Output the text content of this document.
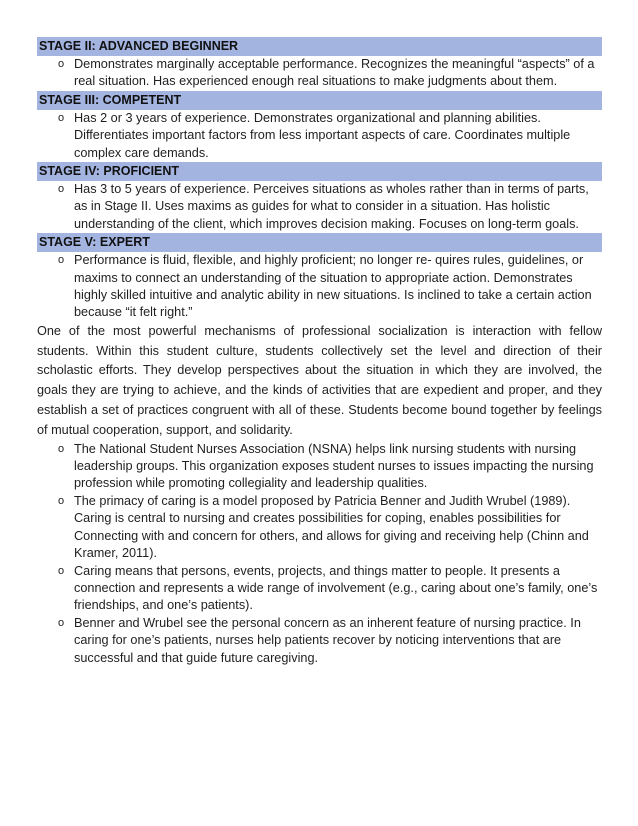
STAGE II: ADVANCED BEGINNER
o Demonstrates marginally acceptable performance. Recognizes the meaningful “aspects” of a real situation. Has experienced enough real situations to make judgments about them.
STAGE III: COMPETENT
o Has 2 or 3 years of experience. Demonstrates organizational and planning abilities. Differentiates important factors from less important aspects of care. Coordinates multiple complex care demands.
STAGE IV: PROFICIENT
o Has 3 to 5 years of experience. Perceives situations as wholes rather than in terms of parts, as in Stage II. Uses maxims as guides for what to consider in a situation. Has holistic understanding of the client, which improves decision making. Focuses on long-term goals.
STAGE V: EXPERT
o Performance is fluid, flexible, and highly proficient; no longer re- quires rules, guidelines, or maxims to connect an understanding of the situation to appropriate action. Demonstrates highly skilled intuitive and analytic ability in new situations. Is inclined to take a certain action because “it felt right.”

One of the most powerful mechanisms of professional socialization is interaction with fellow students. Within this student culture, students collectively set the level and direction of their scholastic efforts. They develop perspectives about the situation in which they are involved, the goals they are trying to achieve, and the kinds of activities that are expedient and proper, and they establish a set of practices congruent with all of these. Students become bound together by feelings of mutual cooperation, support, and solidarity.

o The National Student Nurses Association (NSNA) helps link nursing students with nursing leadership groups. This organization exposes student nurses to issues impacting the nursing profession while promoting collegiality and leadership qualities.
o The primacy of caring is a model proposed by Patricia Benner and Judith Wrubel (1989). Caring is central to nursing and creates possibilities for coping, enables possibilities for Connecting with and concern for others, and allows for giving and receiving help (Chinn and Kramer, 2011).
o Caring means that persons, events, projects, and things matter to people. It presents a connection and represents a wide range of involvement (e.g., caring about one’s family, one’s friendships, and one’s patients).
o Benner and Wrubel see the personal concern as an inherent feature of nursing practice. In caring for one’s patients, nurses help patients recover by noticing interventions that are successful and that guide future caregiving.
